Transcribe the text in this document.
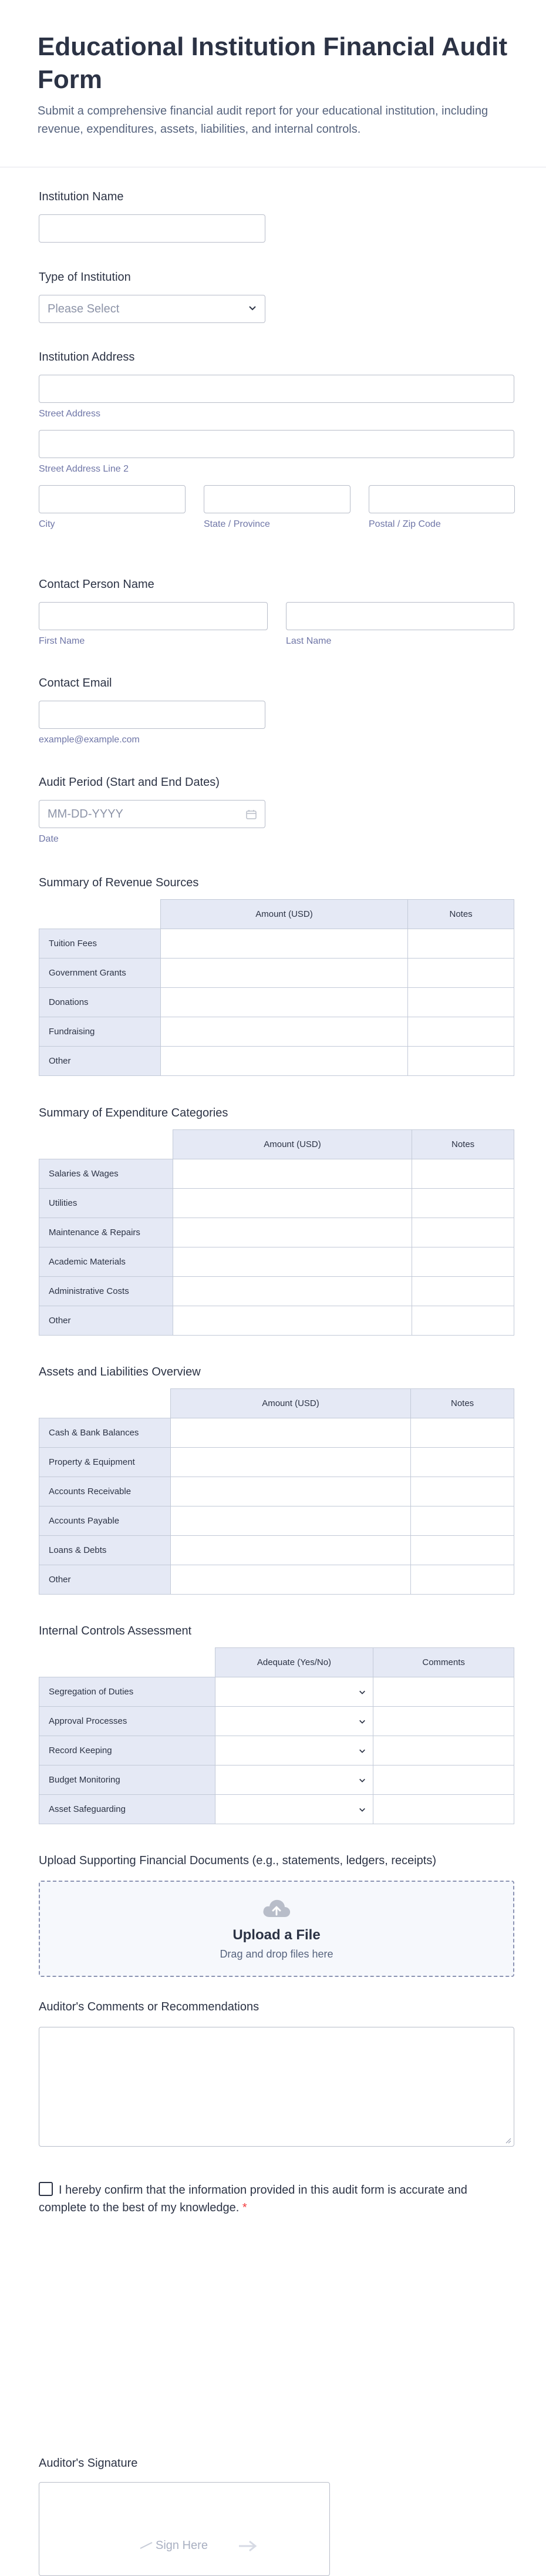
Educational Institution Financial Audit Form
Submit a comprehensive financial audit report for your educational institution, including revenue, expenditures, assets, liabilities, and internal controls.
Institution Name
Type of Institution
Please Select
Institution Address
Street Address
Street Address Line 2
City	State / Province	Postal / Zip Code
Contact Person Name
First Name	Last Name
Contact Email
example@example.com
Audit Period (Start and End Dates)
MM-DD-YYYY
Date
Summary of Revenue Sources
	Amount (USD)	Notes
Tuition Fees		
Government Grants		
Donations		
Fundraising		
Other		
Summary of Expenditure Categories
	Amount (USD)	Notes
Salaries & Wages		
Utilities		
Maintenance & Repairs		
Academic Materials		
Administrative Costs		
Other		
Assets and Liabilities Overview
	Amount (USD)	Notes
Cash & Bank Balances		
Property & Equipment		
Accounts Receivable		
Accounts Payable		
Loans & Debts		
Other		
Internal Controls Assessment
	Adequate (Yes/No)	Comments
Segregation of Duties	

Approval Processes	

Record Keeping	

Budget Monitoring	

Asset Safeguarding	

Upload Supporting Financial Documents (e.g., statements, ledgers, receipts)
Upload a File
Drag and drop files here
Auditor's Comments or Recommendations
I hereby confirm that the information provided in this audit form is accurate and complete to the best of my knowledge. *
Auditor's Signature
Sign Here
